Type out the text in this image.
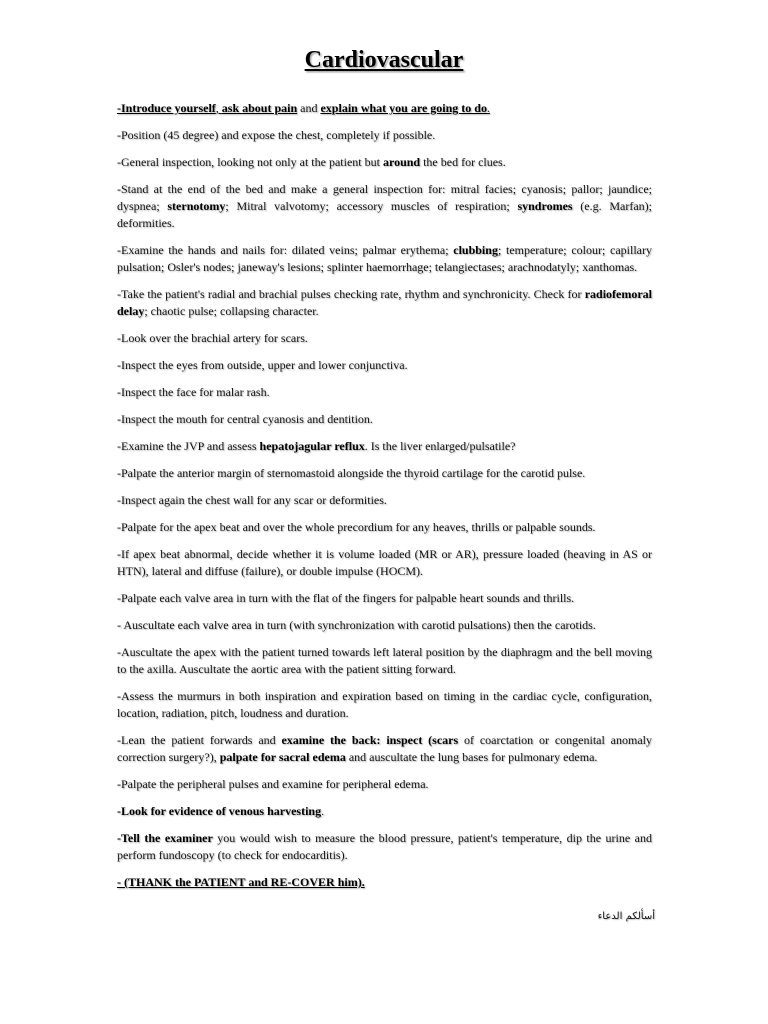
Cardiovascular

-Introduce yourself, ask about pain and explain what you are going to do.

-Position (45 degree) and expose the chest, completely if possible.

-General inspection, looking not only at the patient but around the bed for clues.

-Stand at the end of the bed and make a general inspection for: mitral facies; cyanosis; pallor; jaundice; dyspnea; sternotomy; Mitral valvotomy; accessory muscles of respiration; syndromes (e.g. Marfan); deformities.

-Examine the hands and nails for: dilated veins; palmar erythema; clubbing; temperature; colour; capillary pulsation; Osler's nodes; janeway's lesions; splinter haemorrhage; telangiectases; arachnodatyly; xanthomas.

-Take the patient's radial and brachial pulses checking rate, rhythm and synchronicity. Check for radiofemoral delay; chaotic pulse; collapsing character.

-Look over the brachial artery for scars.

-Inspect the eyes from outside, upper and lower conjunctiva.

-Inspect the face for malar rash.

-Inspect the mouth for central cyanosis and dentition.

-Examine the JVP and assess hepatojagular reflux. Is the liver enlarged/pulsatile?

-Palpate the anterior margin of sternomastoid alongside the thyroid cartilage for the carotid pulse.

-Inspect again the chest wall for any scar or deformities.

-Palpate for the apex beat and over the whole precordium for any heaves, thrills or palpable sounds.

-If apex beat abnormal, decide whether it is volume loaded (MR or AR), pressure loaded (heaving in AS or HTN), lateral and diffuse (failure), or double impulse (HOCM).

-Palpate each valve area in turn with the flat of the fingers for palpable heart sounds and thrills.

- Auscultate each valve area in turn (with synchronization with carotid pulsations) then the carotids.

-Auscultate the apex with the patient turned towards left lateral position by the diaphragm and the bell moving to the axilla. Auscultate the aortic area with the patient sitting forward.

-Assess the murmurs in both inspiration and expiration based on timing in the cardiac cycle, configuration, location, radiation, pitch, loudness and duration.

-Lean the patient forwards and examine the back: inspect (scars of coarctation or congenital anomaly correction surgery?), palpate for sacral edema and auscultate the lung bases for pulmonary edema.

-Palpate the peripheral pulses and examine for peripheral edema.

-Look for evidence of venous harvesting.

-Tell the examiner you would wish to measure the blood pressure, patient's temperature, dip the urine and perform fundoscopy (to check for endocarditis).

- (THANK the PATIENT and RE-COVER him).

أسألكم الدعاء
